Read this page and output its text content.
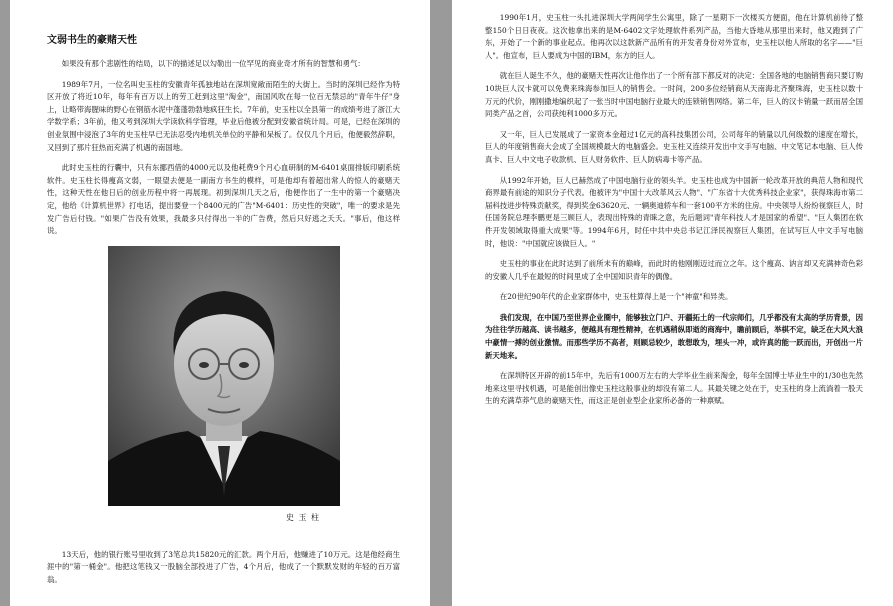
文弱书生的豪赌天性

如果没有那个悲剧性的结局，以下的描述足以勾勒出一位罕见的商业奇才所有的智慧和勇气：

1989年7月，一位名叫史玉柱的安徽青年孤独地站在深圳宽敞而陌生的大街上。当时的深圳已经作为特区开放了将近10年，每年有百万以上的劳工赶到这里"淘金"，南国风吹在每一位百无禁忌的"青年牛仔"身上，让略带海腥味的野心在钢筋水泥中蓬蓬勃勃地疯狂生长。7年前，史玉柱以全县第一的成绩考进了浙江大学数学系；3年前，他又考到深圳大学读软科学管理，毕业后他被分配到安徽省统计局。可是，已经在深圳的创业氛围中浸泡了3年的史玉柱早已无法忍受内地机关单位的平静和呆板了。仅仅几个月后，他便毅然辞职，又回到了那片狂热而充满了机遇的南国地。

此时史玉柱的行囊中，只有东挪西借的4000元以及他耗费9个月心血研制的M-6401桌面排版印刷系统软件。史玉柱长得瘦高文弱，一眼望去便是一副南方书生的模样，可是他却有着超出常人的惊人的豪赌天性，这种天性在他日后的创业历程中将一再展现。初到深圳几天之后，他便作出了一生中的第一个豪赌决定，他给《计算机世界》打电话，提出要登一个8400元的广告"M-6401：历史性的突破"，唯一的要求是先发广告后付钱。"如果广告没有效果，我最多只付得出一半的广告费，然后只好逃之夭夭。"事后，他这样说。

史 玉 柱

13天后，他的银行账号里收到了3笔总共15820元的汇款。两个月后，他赚进了10万元。这是他经商生涯中的"第一桶金"。他把这笔钱又一股脑全部投进了广告，4个月后，他成了一个默默发财的年轻的百万富翁。

1990年1月，史玉柱一头扎进深圳大学两间学生公寓里，除了一星期下一次楼买方便面，他在计算机前待了整整150个日日夜夜。这次他拿出来的是M-6402文字处理软件系列产品，当他大昏地从那里出来时，他又跑到了广东，开始了一个新的事业起点。他再次以这款新产品所有的开发者身份对外宣布，史玉柱以他人所取的名字——"巨人"。他宣布，巨人要成为中国的IBM，东方的巨人。

就在巨人诞生不久，他的豪赌天性再次让他作出了一个所有部下都反对的决定：全国各地的电脑销售商只要订购10块巨人汉卡就可以免费来珠海参加巨人的销售会。一时间，200多位经销商从天南海北齐聚珠海，史玉柱以数十万元的代价，刚刚撒地编织起了一张当时中国电脑行业最大的连锁销售网络。第二年，巨人的汉卡销量一跃而居全国同类产品之首，公司获纯利1000多万元。

又一年，巨人已发展成了一家资本金超过1亿元的高科技集团公司，公司每年的销量以几何级数的速度在增长，巨人的年度销售商大会成了全国规模最大的电脑盛会。史玉柱又连续开发出中文手写电脑、中文笔记本电脑、巨人传真卡、巨人中文电子收款机、巨人财务软件、巨人防病毒卡等产品。

从1992年开始，巨人已赫然成了中国电脑行业的领头羊。史玉柱也成为中国新一轮改革开放的典范人物和现代商界最有前途的知识分子代表。他被评为"中国十大改革风云人物"、"广东省十大优秀科技企业家"，获得珠海市第二届科技进步特殊贡献奖，得到奖金63620元、一辆奥迪轿车和一套100平方米的住房。中央领导人纷纷视察巨人，时任国务院总理李鹏更是三顾巨人，表现出特殊的青睐之意，先后题词"青年科技人才是国家的希望"、"巨人集团在软件开发领域取得重大成果"等。1994年6月，时任中共中央总书记江泽民视察巨人集团，在试写巨人中文手写电脑时，他说："中国就应该做巨人。"

史玉柱的事业在此时达到了前所未有的巅峰，而此时的他刚刚迈过而立之年。这个瘦高、讷言却又充满神奇色彩的安徽人几乎在最短的时间里成了全中国知识青年的偶像。

在20世纪90年代的企业家群体中，史玉柱算得上是一个"神童"和异类。

我们发现，在中国乃至世界企业圈中，能够独立门户、开疆拓土的一代宗师们，几乎都没有太高的学历背景，因为往往学历越高、读书越多，便越具有理性精神，在机遇稍纵即逝的商海中，瞻前顾后，举棋不定，缺乏在大风大浪中豪情一搏的创业激情。而那些学历不高者，则顾忌较少，敢想敢为，埋头一冲，或许真的能一跃而出，开创出一片新天地来。

在深圳特区开辟的前15年中，先后有1000万左右的大学毕业生前来淘金，每年全国博士毕业生中的1/30也先然地来这里寻找机遇，可是能创出像史玉柱这般事业的却没有第二人。其最关键之处在于，史玉柱的身上流淌着一股天生的充满草莽气息的豪赌天性，而这正是创业型企业家所必备的一种禀赋。
